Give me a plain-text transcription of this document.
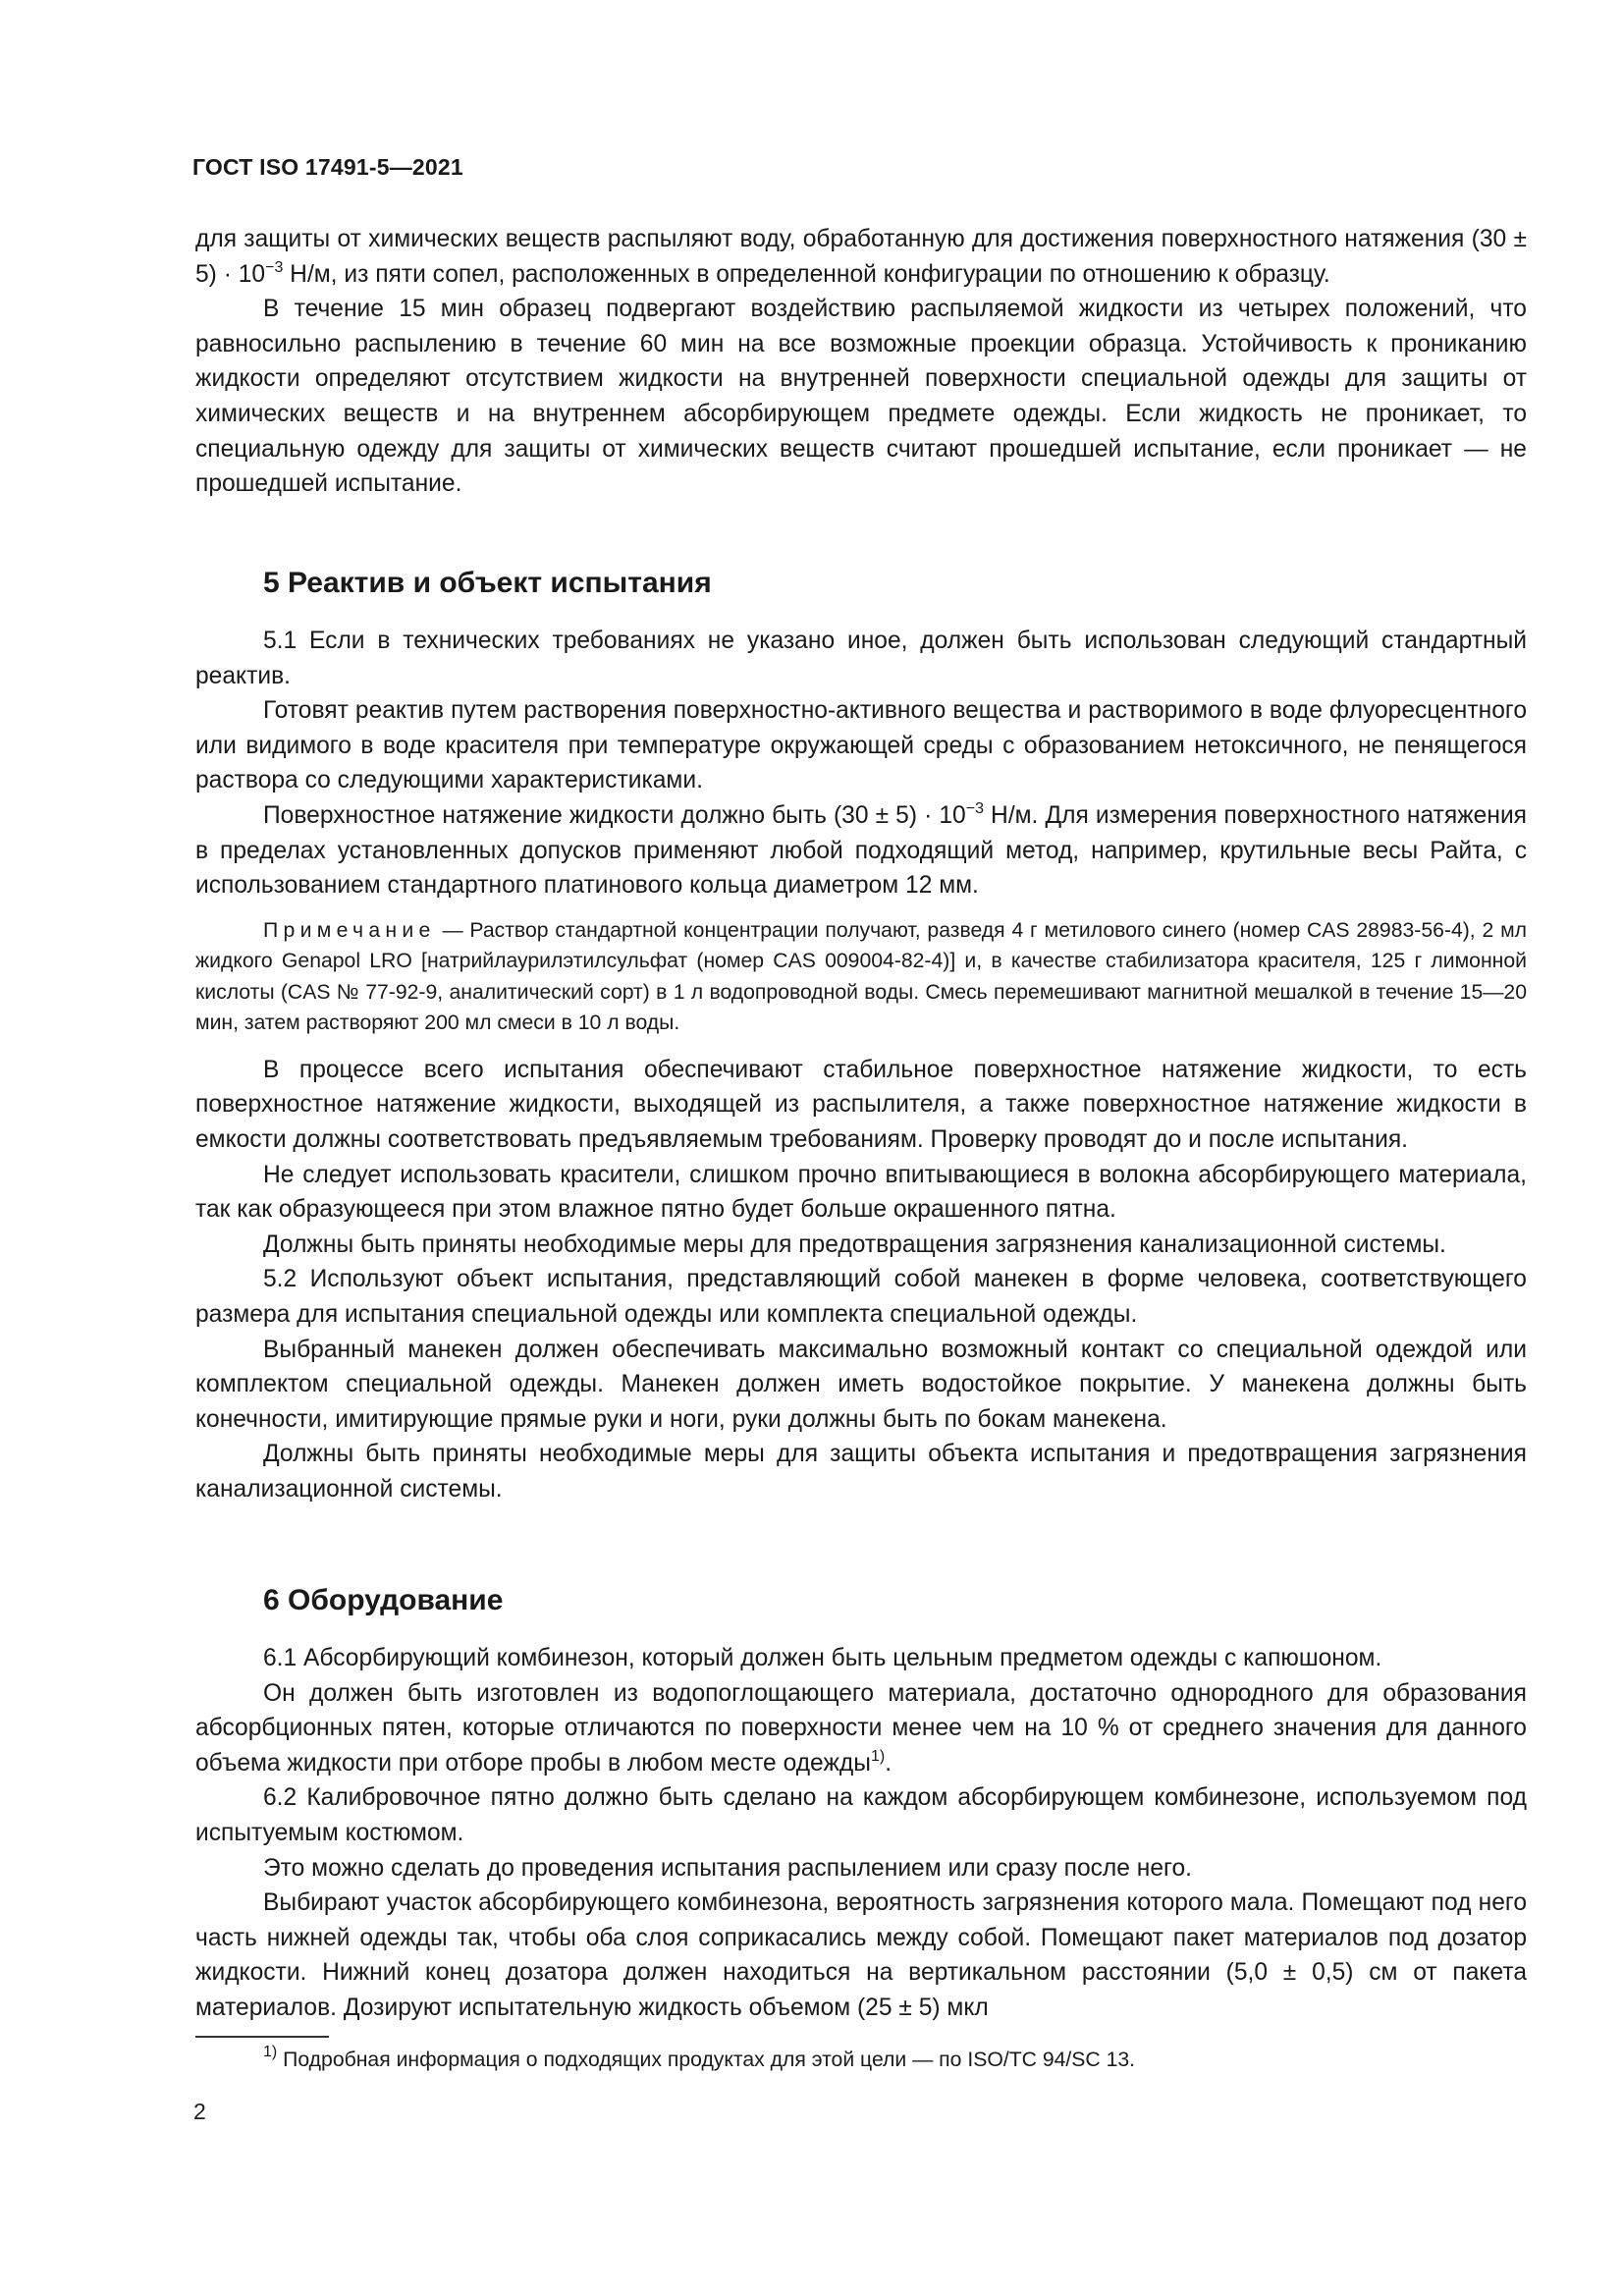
ГОСТ ISO 17491-5—2021

для защиты от химических веществ распыляют воду, обработанную для достижения поверхностного натяжения $(30 \pm 5) \cdot 10^{-3}$ Н/м, из пяти сопел, расположенных в определенной конфигурации по отношению к образцу.

В течение 15 мин образец подвергают воздействию распыляемой жидкости из четырех положений, что равносильно распылению в течение 60 мин на все возможные проекции образца. Устойчивость к прониканию жидкости определяют отсутствием жидкости на внутренней поверхности специальной одежды для защиты от химических веществ и на внутреннем абсорбирующем предмете одежды. Если жидкость не проникает, то специальную одежду для защиты от химических веществ считают прошедшей испытание, если проникает — не прошедшей испытание.

5 Реактив и объект испытания

5.1 Если в технических требованиях не указано иное, должен быть использован следующий стандартный реактив.

Готовят реактив путем растворения поверхностно-активного вещества и растворимого в воде флуоресцентного или видимого в воде красителя при температуре окружающей среды с образованием нетоксичного, не пенящегося раствора со следующими характеристиками.

Поверхностное натяжение жидкости должно быть $(30 \pm 5) \cdot 10^{-3}$ Н/м. Для измерения поверхностного натяжения в пределах установленных допусков применяют любой подходящий метод, например, крутильные весы Райта, с использованием стандартного платинового кольца диаметром 12 мм.

Примечание — Раствор стандартной концентрации получают, разведя 4 г метилового синего (номер CAS 28983-56-4), 2 мл жидкого Genapol LRO [натрийлаурилэтилсульфат (номер CAS 009004-82-4)] и, в качестве стабилизатора красителя, 125 г лимонной кислоты (CAS № 77-92-9, аналитический сорт) в 1 л водопроводной воды. Смесь перемешивают магнитной мешалкой в течение 15—20 мин, затем растворяют 200 мл смеси в 10 л воды.

В процессе всего испытания обеспечивают стабильное поверхностное натяжение жидкости, то есть поверхностное натяжение жидкости, выходящей из распылителя, а также поверхностное натяжение жидкости в емкости должны соответствовать предъявляемым требованиям. Проверку проводят до и после испытания.

Не следует использовать красители, слишком прочно впитывающиеся в волокна абсорбирующего материала, так как образующееся при этом влажное пятно будет больше окрашенного пятна.

Должны быть приняты необходимые меры для предотвращения загрязнения канализационной системы.

5.2 Используют объект испытания, представляющий собой манекен в форме человека, соответствующего размера для испытания специальной одежды или комплекта специальной одежды.

Выбранный манекен должен обеспечивать максимально возможный контакт со специальной одеждой или комплектом специальной одежды. Манекен должен иметь водостойкое покрытие. У манекена должны быть конечности, имитирующие прямые руки и ноги, руки должны быть по бокам манекена.

Должны быть приняты необходимые меры для защиты объекта испытания и предотвращения загрязнения канализационной системы.

6 Оборудование

6.1 Абсорбирующий комбинезон, который должен быть цельным предметом одежды с капюшоном.

Он должен быть изготовлен из водопоглощающего материала, достаточно однородного для образования абсорбционных пятен, которые отличаются по поверхности менее чем на 10 % от среднего значения для данного объема жидкости при отборе пробы в любом месте одежды$^{1)}$.

6.2 Калибровочное пятно должно быть сделано на каждом абсорбирующем комбинезоне, используемом под испытуемым костюмом.

Это можно сделать до проведения испытания распылением или сразу после него.

Выбирают участок абсорбирующего комбинезона, вероятность загрязнения которого мала. Помещают под него часть нижней одежды так, чтобы оба слоя соприкасались между собой. Помещают пакет материалов под дозатор жидкости. Нижний конец дозатора должен находиться на вертикальном расстоянии (5,0 ± 0,5) см от пакета материалов. Дозируют испытательную жидкость объемом (25 ± 5) мкл

$^{1)}$ Подробная информация о подходящих продуктах для этой цели — по ISO/TC 94/SC 13.
2
